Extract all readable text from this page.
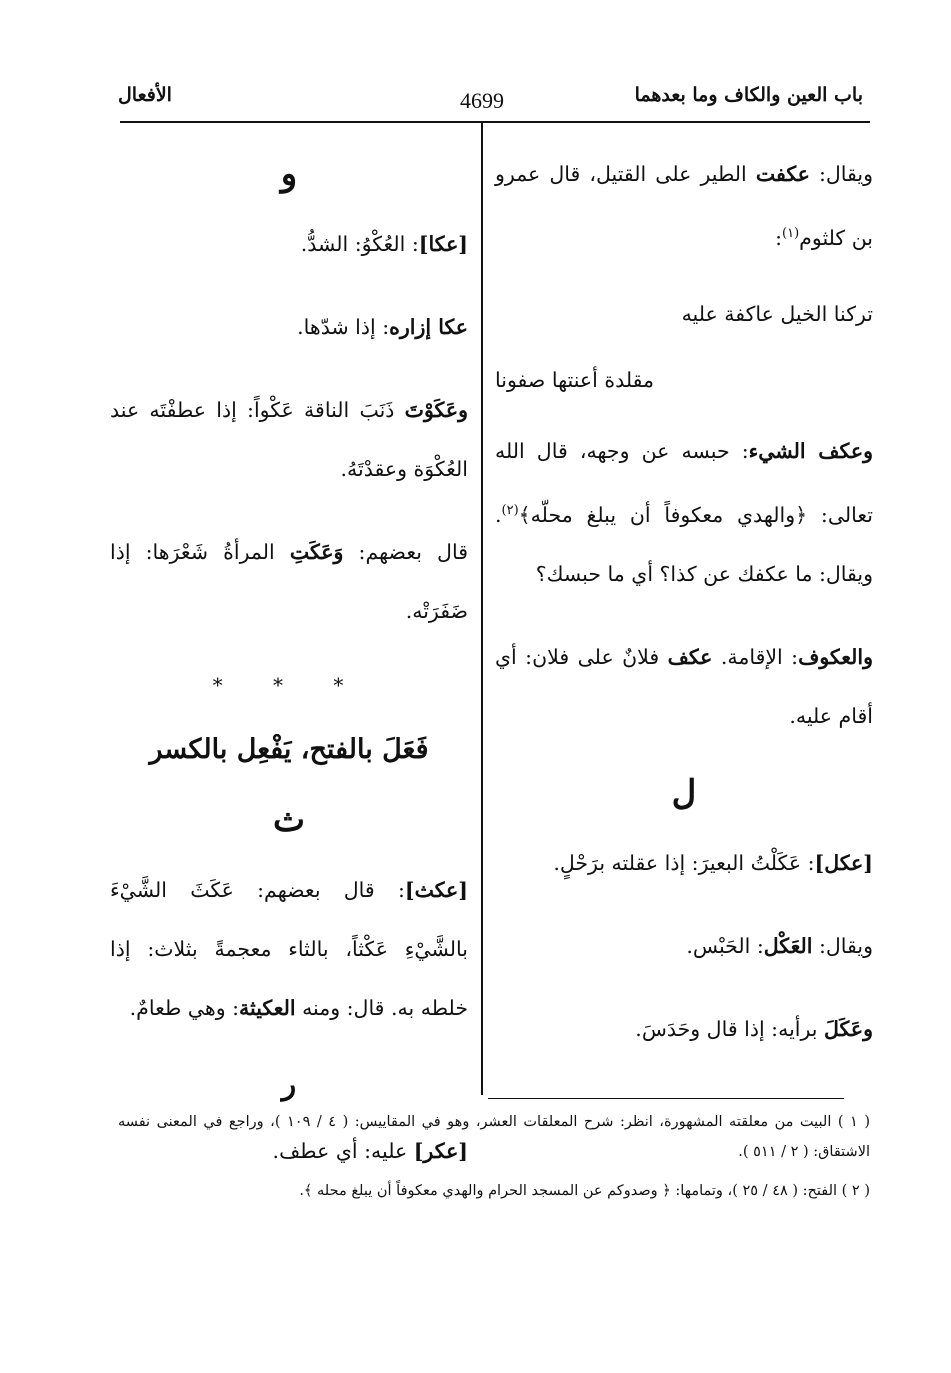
باب العين والكاف وما بعدهما
4699
الأفعال

ويقال: عكفت الطير على القتيل، قال عمرو بن كلثوم$^{(١)}$:

تركنا الخيل عاكفة عليه
مقلدة أعنتها صفونا

وعكف الشيء: حبسه عن وجهه، قال الله تعالى: ﴿والهدي معكوفاً أن يبلغ محلّه﴾$^{(٢)}$. ويقال: ما عكفك عن كذا؟ أي ما حبسك؟

والعكوف: الإقامة. عكف فلانٌ على فلان: أي أقام عليه.

ل

[عكل]: عَكَلْتُ البعيرَ: إذا عقلته برَحْلٍ.

ويقال: العَكْل: الحَبْس.

وعَكَلَ برأيه: إذا قال وحَدَسَ.

و

[عكا]: العُكْوُ: الشدُّ.

عكا إزاره: إذا شدّها.

وعَكَوْتَ ذَنَبَ الناقة عَكْواً: إذا عطفْتَه عند العُكْوَة وعقدْتَهُ.

قال بعضهم: وَعَكَتِ المرأةُ شَعْرَها: إذا ضَفَرَتْه.

* * *
فَعَلَ بالفتح، يَفْعِل بالكسر
ث

[عكث]: قال بعضهم: عَكَثَ الشَّيْءَ بالشَّيْءِ عَكْثاً، بالثاء معجمةً بثلاث: إذا خلطه به. قال: ومنه العكيثة: وهي طعامٌ.

ر

[عكر] عليه: أي عطف.

( ١ ) البيت من معلقته المشهورة، انظر: شرح المعلقات العشر، وهو في المقاييس: ( ٤ / ١٠٩ )، وراجع في المعنى نفسه الاشتقاق: ( ٢ / ٥١١ ).
( ٢ ) الفتح: ( ٤٨ / ٢٥ )، وتمامها: ﴿ وصدوكم عن المسجد الحرام والهدي معكوفاً أن يبلغ محله ﴾.
